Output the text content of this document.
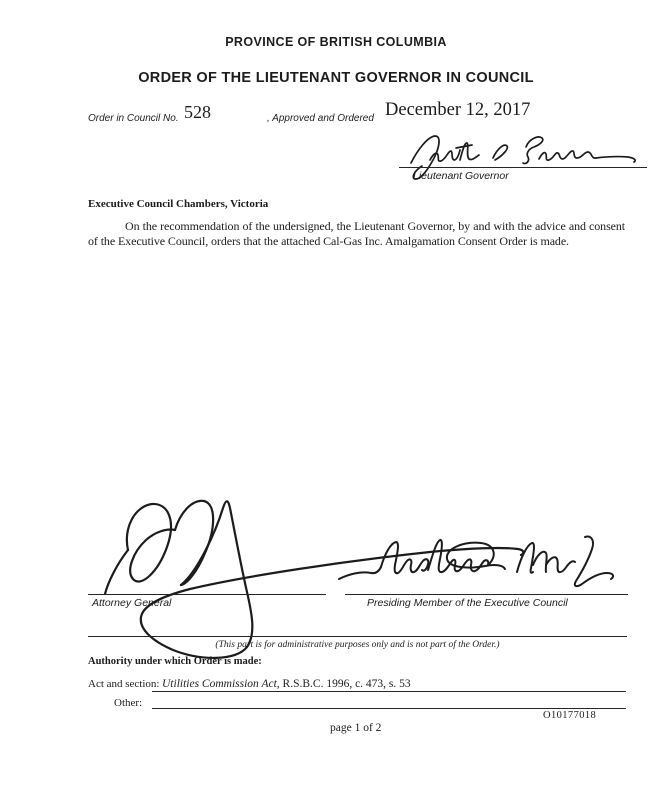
PROVINCE OF BRITISH COLUMBIA
ORDER OF THE LIEUTENANT GOVERNOR IN COUNCIL
Order in Council No. 528	, Approved and Ordered December 12, 2017
Lieutenant Governor
Executive Council Chambers, Victoria
On the recommendation of the undersigned, the Lieutenant Governor, by and with the advice and consent of the Executive Council, orders that the attached Cal-Gas Inc. Amalgamation Consent Order is made.
Attorney General	Presiding Member of the Executive Council
(This part is for administrative purposes only and is not part of the Order.)
Authority under which Order is made:
Act and section: Utilities Commission Act, R.S.B.C. 1996, c. 473, s. 53
Other:
O10177018
page 1 of 2
